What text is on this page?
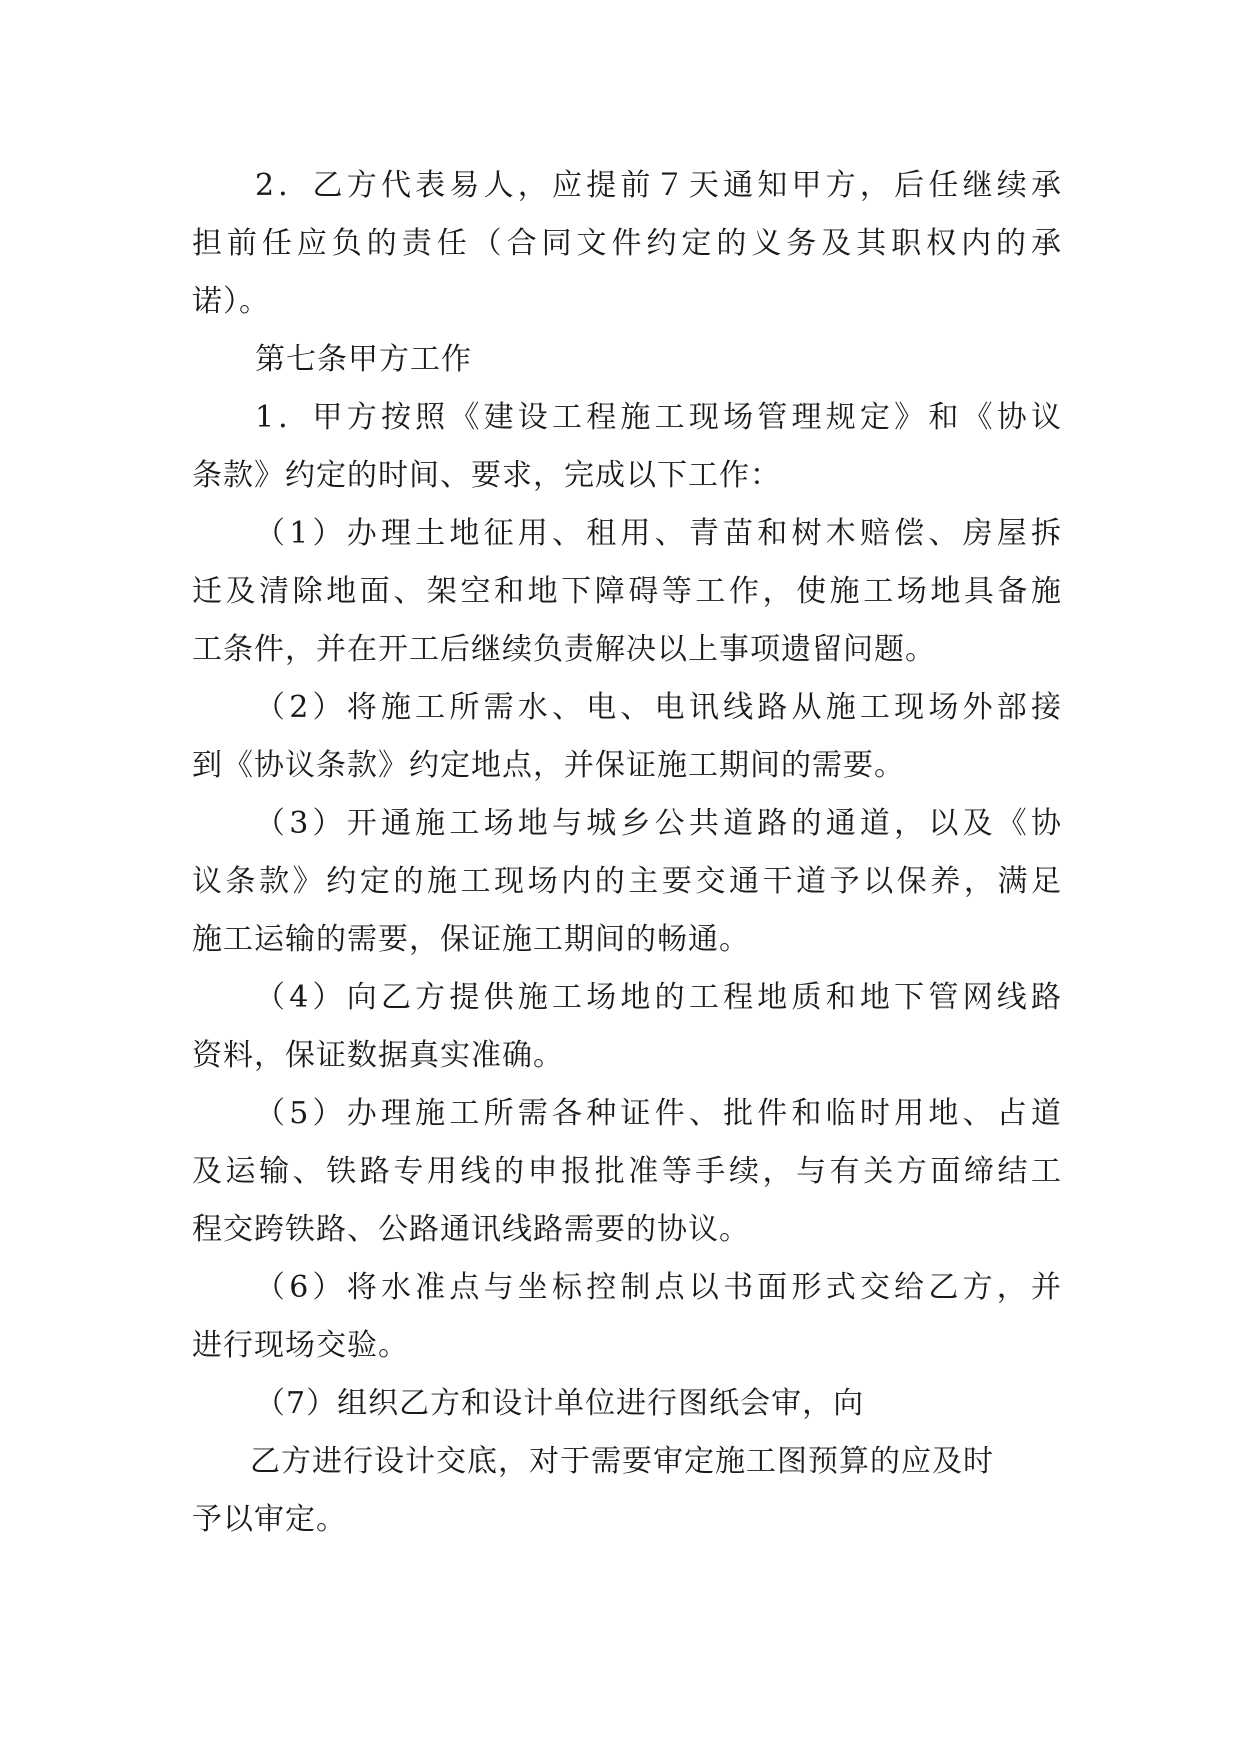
2．乙方代表易人，应提前７天通知甲方，后任继续承
担前任应负的责任（合同文件约定的义务及其职权内的承
诺）。
第七条甲方工作
1．甲方按照《建设工程施工现场管理规定》和《协议
条款》约定的时间、要求，完成以下工作：
（1）办理土地征用、租用、青苗和树木赔偿、房屋拆
迁及清除地面、架空和地下障碍等工作，使施工场地具备施
工条件，并在开工后继续负责解决以上事项遗留问题。
（2）将施工所需水、电、电讯线路从施工现场外部接
到《协议条款》约定地点，并保证施工期间的需要。
（3）开通施工场地与城乡公共道路的通道，以及《协
议条款》约定的施工现场内的主要交通干道予以保养，满足
施工运输的需要，保证施工期间的畅通。
（4）向乙方提供施工场地的工程地质和地下管网线路
资料，保证数据真实准确。
（5）办理施工所需各种证件、批件和临时用地、占道
及运输、铁路专用线的申报批准等手续，与有关方面缔结工
程交跨铁路、公路通讯线路需要的协议。
（6）将水准点与坐标控制点以书面形式交给乙方，并
进行现场交验。
（7）组织乙方和设计单位进行图纸会审，向
乙方进行设计交底，对于需要审定施工图预算的应及时
予以审定。
